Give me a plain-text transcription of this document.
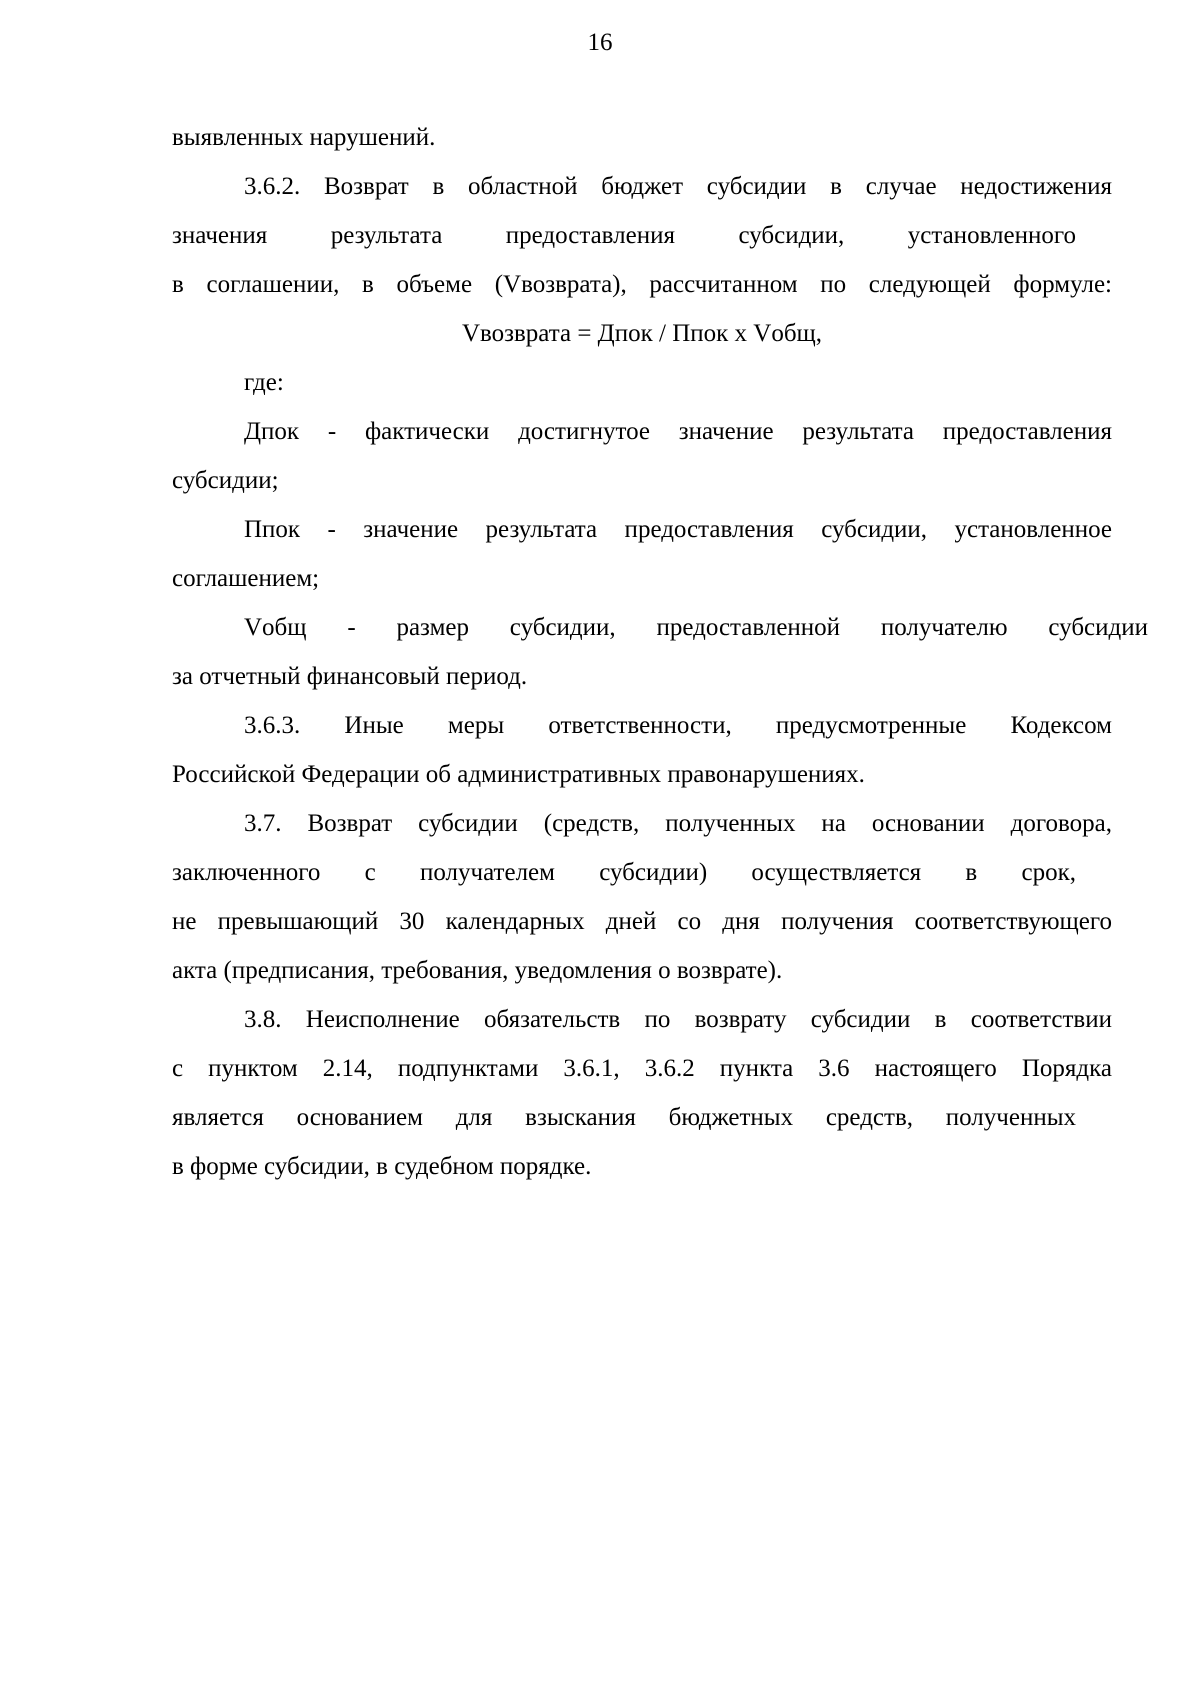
16
выявленных нарушений.
3.6.2. Возврат в областной бюджет субсидии в случае недостижения
значения результата предоставления субсидии, установленного
в соглашении, в объеме (Vвозврата), рассчитанном по следующей формуле:
Vвозврата = Дпок / Ппок х Vобщ,
где:
Дпок - фактически достигнутое значение результата предоставления
субсидии;
Ппок - значение результата предоставления субсидии, установленное
соглашением;
Vобщ - размер субсидии, предоставленной получателю субсидии
за отчетный финансовый период.
3.6.3. Иные меры ответственности, предусмотренные Кодексом
Российской Федерации об административных правонарушениях.
3.7. Возврат субсидии (средств, полученных на основании договора,
заключенного с получателем субсидии) осуществляется в срок,
не превышающий 30 календарных дней со дня получения соответствующего
акта (предписания, требования, уведомления о возврате).
3.8. Неисполнение обязательств по возврату субсидии в соответствии
с пунктом 2.14, подпунктами 3.6.1, 3.6.2 пункта 3.6 настоящего Порядка
является основанием для взыскания бюджетных средств, полученных
в форме субсидии, в судебном порядке.
